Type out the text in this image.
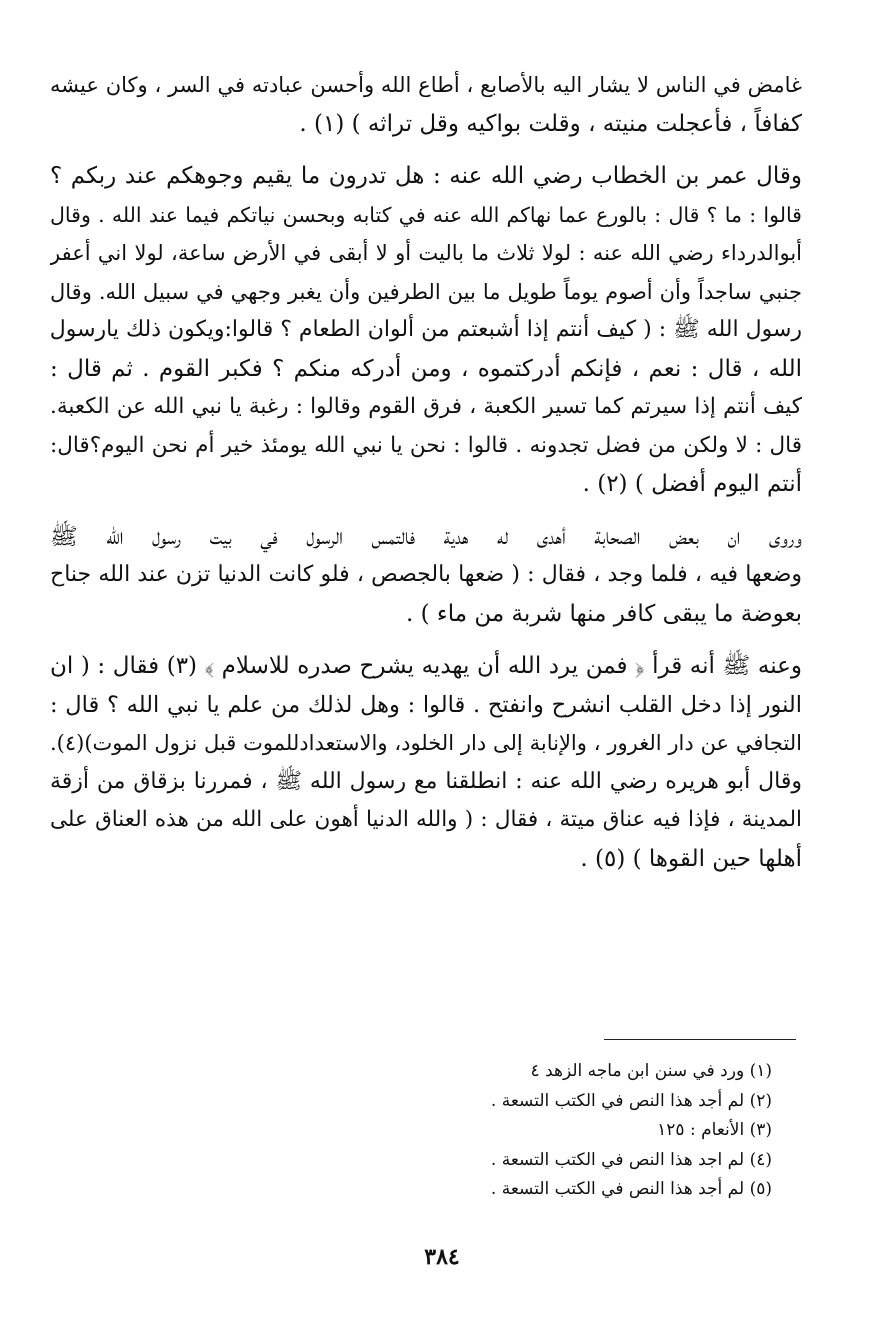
غامض في الناس لا يشار اليه بالأصابع ، أطاع الله وأحسن عبادته في السر ، وكان عيشه
كفافاً ، فأعجلت منيته ، وقلت بواكيه وقل تراثه ) (١) .

وقال عمر بن الخطاب رضي الله عنه : هل تدرون ما يقيم وجوهكم عند ربكم ؟
قالوا : ما ؟ قال : بالورع عما نهاكم الله عنه في كتابه وبحسن نياتكم فيما عند الله . وقال
أبوالدرداء رضي الله عنه : لولا ثلاث ما باليت أو لا أبقى في الأرض ساعة، لولا اني أعفر
جنبي ساجداً وأن أصوم يوماً طويل ما بين الطرفين وأن يغبر وجهي في سبيل الله. وقال
رسول الله ﷺ : ( كيف أنتم إذا أشبعتم من ألوان الطعام ؟ قالوا:ويكون ذلك يارسول
الله ، قال : نعم ، فإنكم أدركتموه ، ومن أدركه منكم ؟ فكبر القوم . ثم قال :
كيف أنتم إذا سيرتم كما تسير الكعبة ، فرق القوم وقالوا : رغبة يا نبي الله عن الكعبة.
قال : لا ولكن من فضل تجدونه . قالوا : نحن يا نبي الله يومئذ خير أم نحن اليوم؟قال:
أنتم اليوم أفضل ) (٢) .

وروى ان بعض الصحابة أهدى له هدية فالتمس الرسول في بيت رسول الله ﷺ
وضعها فيه ، فلما وجد ، فقال : ( ضعها بالجصص ، فلو كانت الدنيا تزن عند الله جناح
بعوضة ما يبقى كافر منها شربة من ماء ) .

وعنه ﷺ أنه قرأ ﴿ فمن يرد الله أن يهديه يشرح صدره للاسلام ﴾ (٣) فقال : ( ان
النور إذا دخل القلب انشرح وانفتح . قالوا : وهل لذلك من علم يا نبي الله ؟ قال :
التجافي عن دار الغرور ، والإنابة إلى دار الخلود، والاستعدادللموت قبل نزول الموت)(٤).
وقال أبو هريره رضي الله عنه : انطلقنا مع رسول الله ﷺ ، فمررنا بزقاق من أزقة
المدينة ، فإذا فيه عناق ميتة ، فقال : ( والله الدنيا أهون على الله من هذه العناق على
أهلها حين القوها ) (٥) .

(١) ورد في سنن ابن ماجه الزهد ٤
(٢) لم أجد هذا النص في الكتب التسعة .
(٣) الأنعام : ١٢٥
(٤) لم اجد هذا النص في الكتب التسعة .
(٥) لم أجد هذا النص في الكتب التسعة .
٣٨٤
